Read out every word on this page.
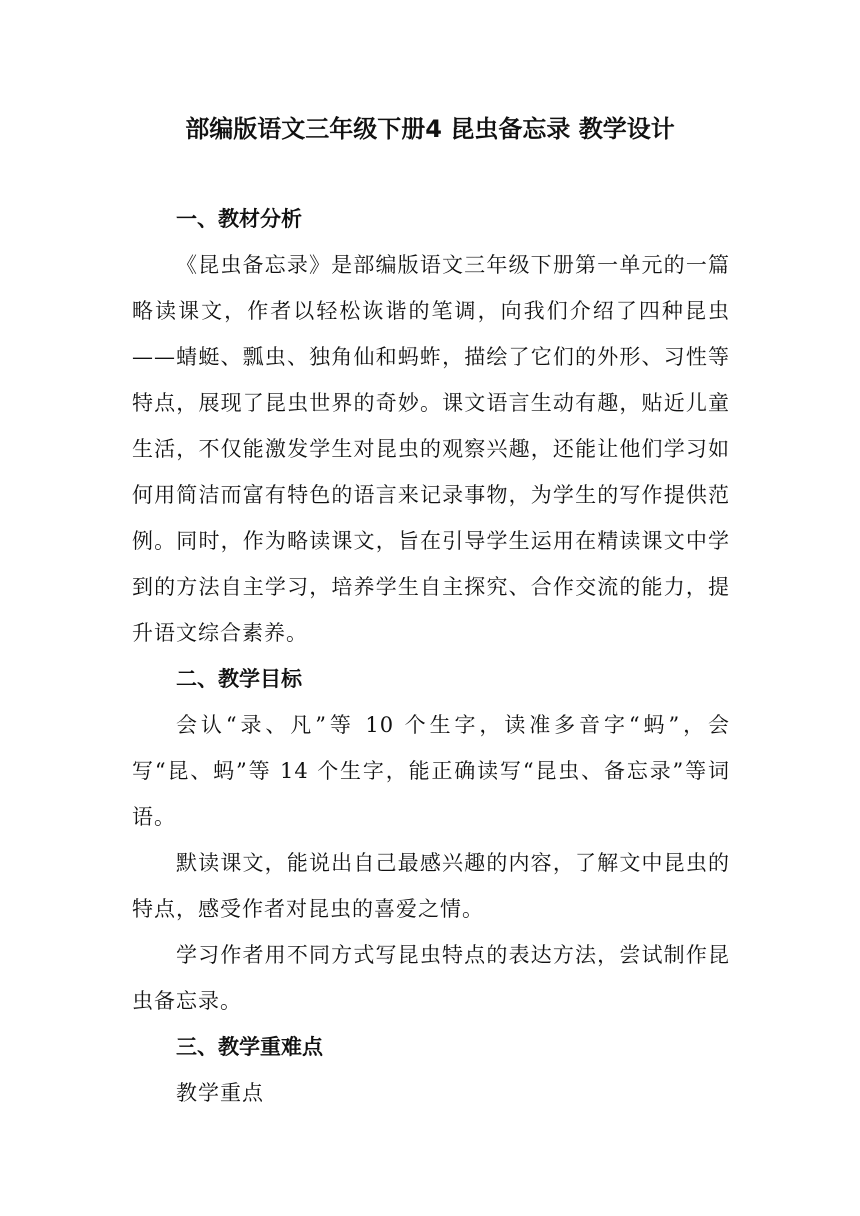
部编版语文三年级下册4 昆虫备忘录 教学设计
一、教材分析

《昆虫备忘录》是部编版语文三年级下册第一单元的一篇略读课文，作者以轻松诙谐的笔调，向我们介绍了四种昆虫——蜻蜓、瓢虫、独角仙和蚂蚱，描绘了它们的外形、习性等特点，展现了昆虫世界的奇妙。课文语言生动有趣，贴近儿童生活，不仅能激发学生对昆虫的观察兴趣，还能让他们学习如何用简洁而富有特色的语言来记录事物，为学生的写作提供范例。同时，作为略读课文，旨在引导学生运用在精读课文中学到的方法自主学习，培养学生自主探究、合作交流的能力，提升语文综合素养。

二、教学目标

会认“录、凡”等 10 个生字，读准多音字“蚂”，会写“昆、蚂”等 14 个生字，能正确读写“昆虫、备忘录”等词语。

默读课文，能说出自己最感兴趣的内容，了解文中昆虫的特点，感受作者对昆虫的喜爱之情。

学习作者用不同方式写昆虫特点的表达方法，尝试制作昆虫备忘录。

三、教学重难点

教学重点
